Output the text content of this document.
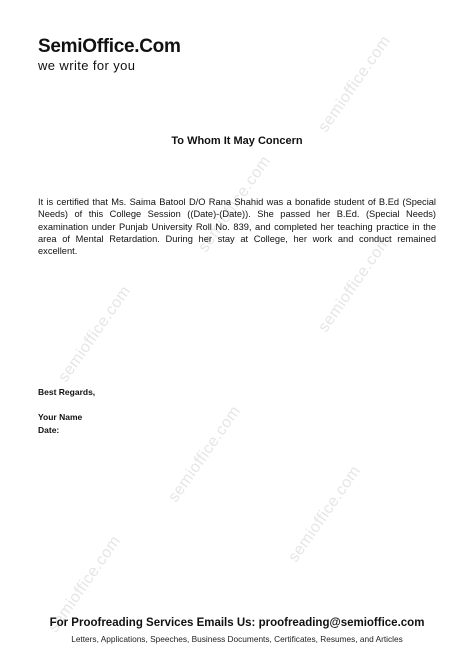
semioffice.com
semioffice.com
semioffice.com
semioffice.com
semioffice.com
semioffice.com
semioffice.com
SemiOffice.Com
we write for you
To Whom It May Concern
It is certified that Ms. Saima Batool D/O Rana Shahid was a bonafide student of B.Ed (Special Needs) of this College Session ((Date)-(Date)). She passed her B.Ed. (Special Needs) examination under Punjab University Roll No. 839, and completed her teaching practice in the area of Mental Retardation. During her stay at College, her work and conduct remained excellent.
Best Regards,
Your Name
Date:
For Proofreading Services Emails Us: proofreading@semioffice.com
Letters, Applications, Speeches, Business Documents, Certificates, Resumes, and Articles
